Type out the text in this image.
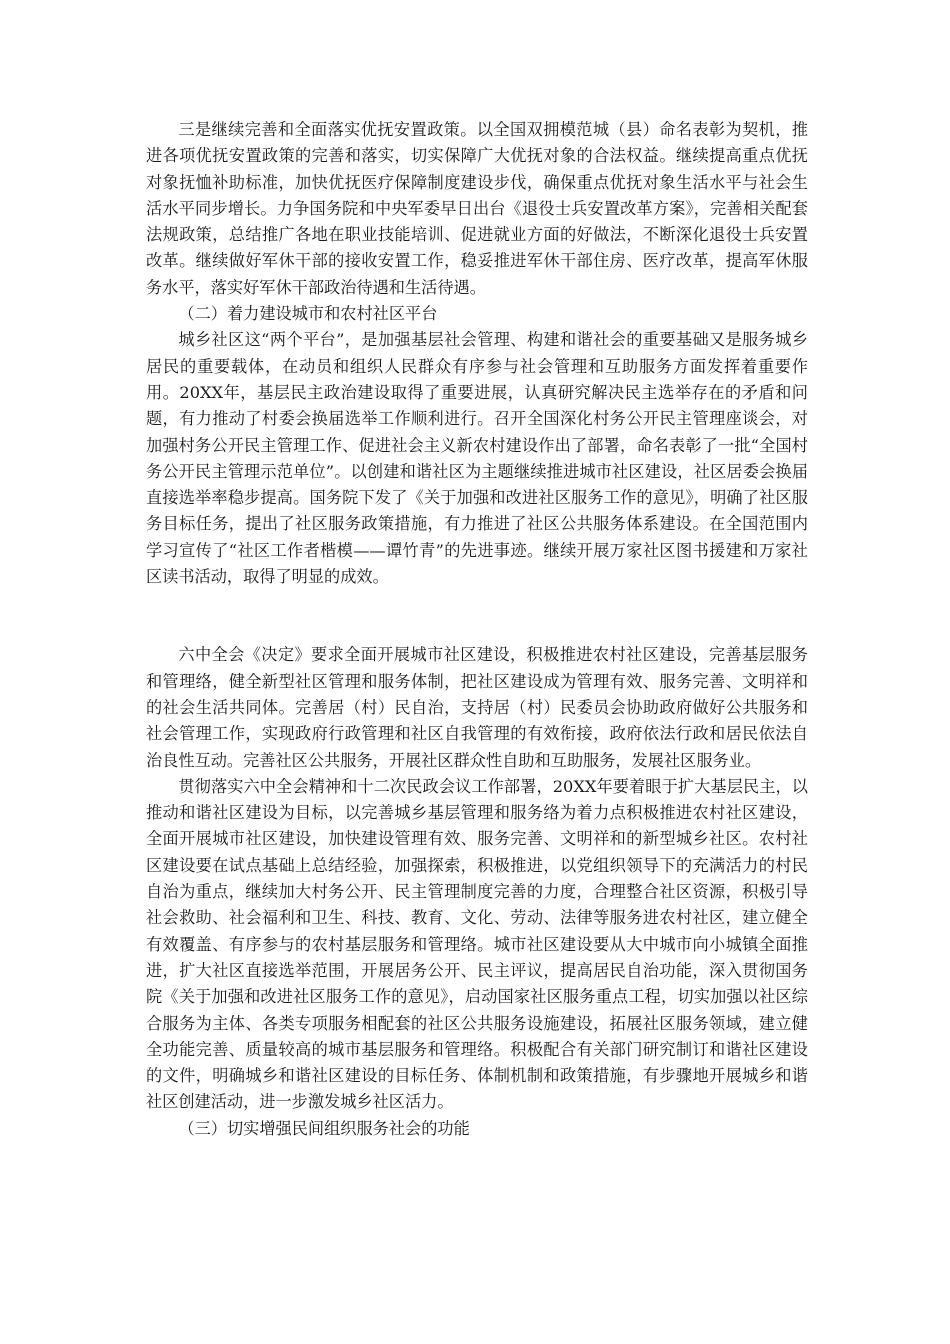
三是继续完善和全面落实优抚安置政策。以全国双拥模范城（县）命名表彰为契机，推进各项优抚安置政策的完善和落实，切实保障广大优抚对象的合法权益。继续提高重点优抚对象抚恤补助标准，加快优抚医疗保障制度建设步伐，确保重点优抚对象生活水平与社会生活水平同步增长。力争国务院和中央军委早日出台《退役士兵安置改革方案》，完善相关配套法规政策，总结推广各地在职业技能培训、促进就业方面的好做法，不断深化退役士兵安置改革。继续做好军休干部的接收安置工作，稳妥推进军休干部住房、医疗改革，提高军休服务水平，落实好军休干部政治待遇和生活待遇。

（二）着力建设城市和农村社区平台

城乡社区这“两个平台”，是加强基层社会管理、构建和谐社会的重要基础又是服务城乡居民的重要载体，在动员和组织人民群众有序参与社会管理和互助服务方面发挥着重要作用。20XX年，基层民主政治建设取得了重要进展，认真研究解决民主选举存在的矛盾和问题，有力推动了村委会换届选举工作顺利进行。召开全国深化村务公开民主管理座谈会，对加强村务公开民主管理工作、促进社会主义新农村建设作出了部署，命名表彰了一批“全国村务公开民主管理示范单位”。以创建和谐社区为主题继续推进城市社区建设，社区居委会换届直接选举率稳步提高。国务院下发了《关于加强和改进社区服务工作的意见》，明确了社区服务目标任务，提出了社区服务政策措施，有力推进了社区公共服务体系建设。在全国范围内学习宣传了“社区工作者楷模——谭竹青”的先进事迹。继续开展万家社区图书援建和万家社区读书活动，取得了明显的成效。

六中全会《决定》要求全面开展城市社区建设，积极推进农村社区建设，完善基层服务和管理络，健全新型社区管理和服务体制，把社区建设成为管理有效、服务完善、文明祥和的社会生活共同体。完善居（村）民自治，支持居（村）民委员会协助政府做好公共服务和社会管理工作，实现政府行政管理和社区自我管理的有效衔接，政府依法行政和居民依法自治良性互动。完善社区公共服务，开展社区群众性自助和互助服务，发展社区服务业。

贯彻落实六中全会精神和十二次民政会议工作部署，20XX年要着眼于扩大基层民主，以推动和谐社区建设为目标，以完善城乡基层管理和服务络为着力点积极推进农村社区建设，全面开展城市社区建设，加快建设管理有效、服务完善、文明祥和的新型城乡社区。农村社区建设要在试点基础上总结经验，加强探索，积极推进，以党组织领导下的充满活力的村民自治为重点，继续加大村务公开、民主管理制度完善的力度，合理整合社区资源，积极引导社会救助、社会福利和卫生、科技、教育、文化、劳动、法律等服务进农村社区，建立健全有效覆盖、有序参与的农村基层服务和管理络。城市社区建设要从大中城市向小城镇全面推进，扩大社区直接选举范围，开展居务公开、民主评议，提高居民自治功能，深入贯彻国务院《关于加强和改进社区服务工作的意见》，启动国家社区服务重点工程，切实加强以社区综合服务为主体、各类专项服务相配套的社区公共服务设施建设，拓展社区服务领域，建立健全功能完善、质量较高的城市基层服务和管理络。积极配合有关部门研究制订和谐社区建设的文件，明确城乡和谐社区建设的目标任务、体制机制和政策措施，有步骤地开展城乡和谐社区创建活动，进一步激发城乡社区活力。

（三）切实增强民间组织服务社会的功能
